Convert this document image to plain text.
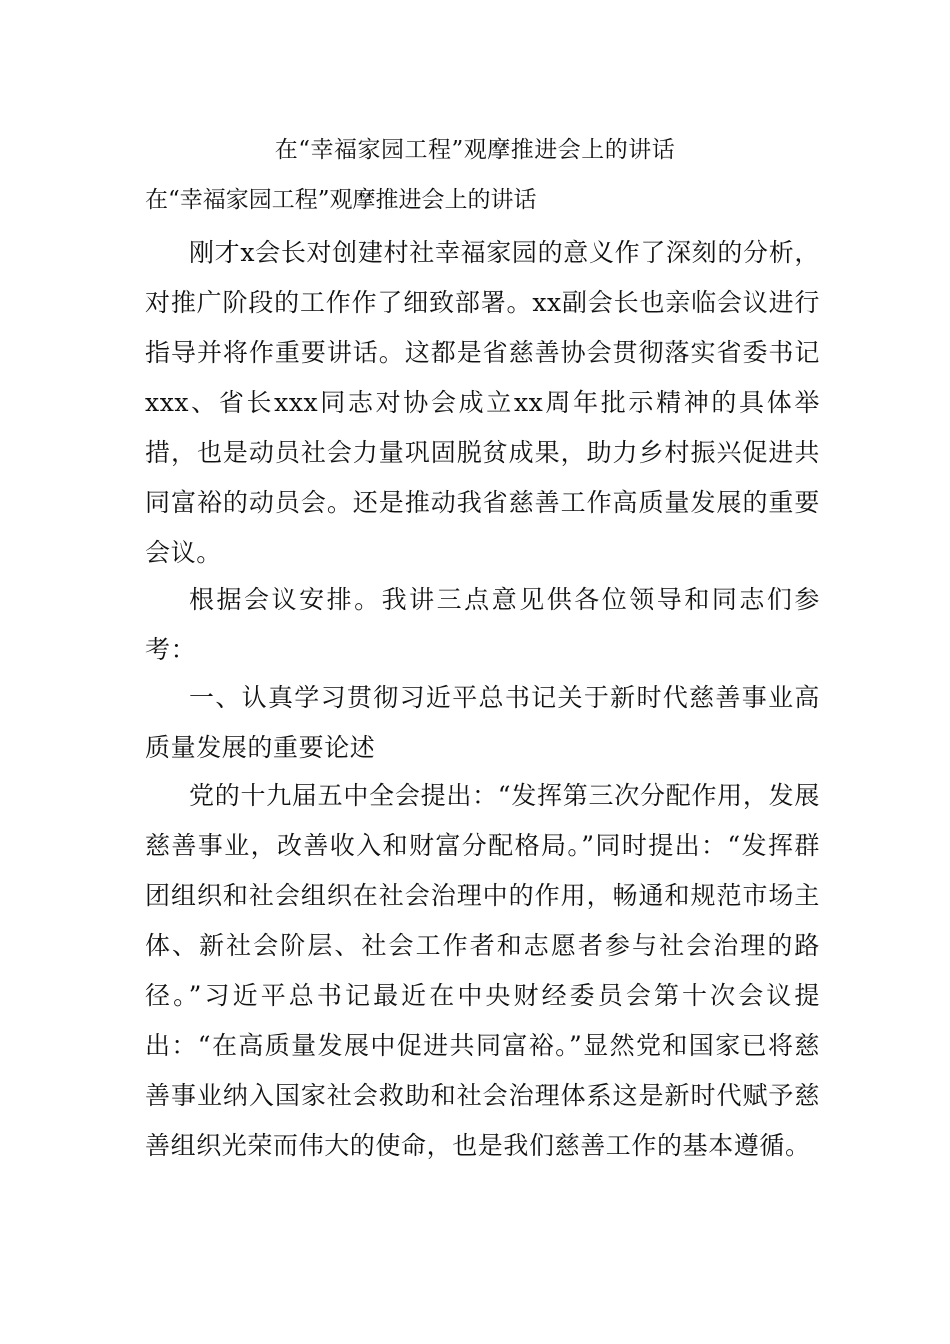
在“幸福家园工程”观摩推进会上的讲话
在“幸福家园工程”观摩推进会上的讲话

刚才x会长对创建村社幸福家园的意义作了深刻的分析，对推广阶段的工作作了细致部署。xx副会长也亲临会议进行指导并将作重要讲话。这都是省慈善协会贯彻落实省委书记xxx、省长xxx同志对协会成立xx周年批示精神的具体举措，也是动员社会力量巩固脱贫成果，助力乡村振兴促进共同富裕的动员会。还是推动我省慈善工作高质量发展的重要会议。

根据会议安排。我讲三点意见供各位领导和同志们参考：

一、认真学习贯彻习近平总书记关于新时代慈善事业高质量发展的重要论述

党的十九届五中全会提出：“发挥第三次分配作用，发展慈善事业，改善收入和财富分配格局。”同时提出：“发挥群团组织和社会组织在社会治理中的作用，畅通和规范市场主体、新社会阶层、社会工作者和志愿者参与社会治理的路径。”习近平总书记最近在中央财经委员会第十次会议提出：“在高质量发展中促进共同富裕。”显然党和国家已将慈善事业纳入国家社会救助和社会治理体系这是新时代赋予慈善组织光荣而伟大的使命，也是我们慈善工作的基本遵循。
